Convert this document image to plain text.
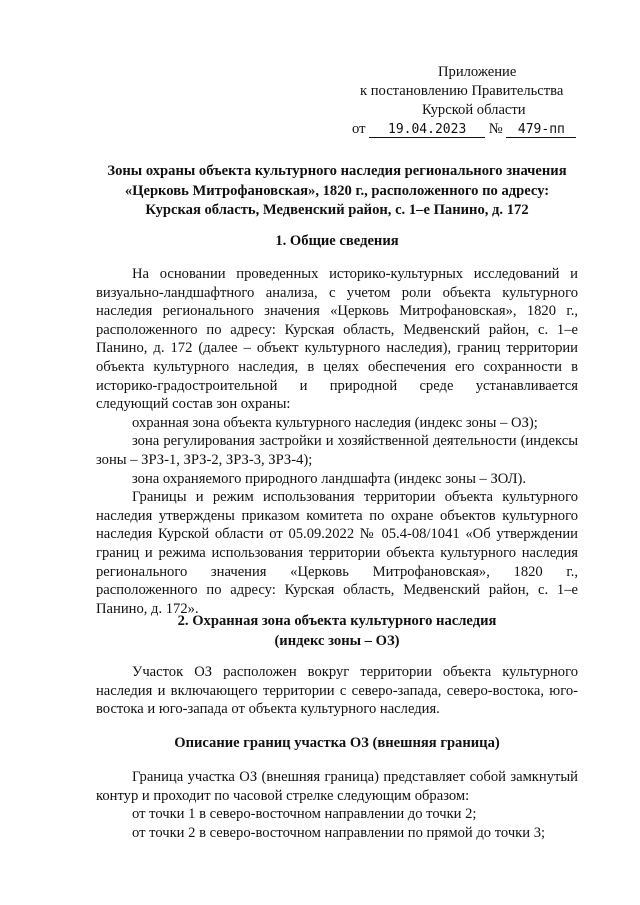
Приложение
к постановлению Правительства
Курской области
от 19.04.2023 № 479-пп
Зоны охраны объекта культурного наследия регионального значения
«Церковь Митрофановская», 1820 г., расположенного по адресу:
Курская область, Медвенский район, с. 1–е Панино, д. 172
1. Общие сведения

На основании проведенных историко-культурных исследований и визуально-ландшафтного анализа, с учетом роли объекта культурного наследия регионального значения «Церковь Митрофановская», 1820 г., расположенного по адресу: Курская область, Медвенский район, с. 1–е Панино, д. 172 (далее – объект культурного наследия), границ территории объекта культурного наследия, в целях обеспечения его сохранности в историко-градостроительной и природной среде устанавливается следующий состав зон охраны:

охранная зона объекта культурного наследия (индекс зоны – ОЗ);

зона регулирования застройки и хозяйственной деятельности (индексы зоны – ЗРЗ-1, ЗРЗ-2, ЗРЗ-3, ЗРЗ-4);

зона охраняемого природного ландшафта (индекс зоны – ЗОЛ).

Границы и режим использования территории объекта культурного наследия утверждены приказом комитета по охране объектов культурного наследия Курской области от 05.09.2022 № 05.4-08/1041 «Об утверждении границ и режима использования территории объекта культурного наследия регионального значения «Церковь Митрофановская», 1820 г., расположенного по адресу: Курская область, Медвенский район, с. 1–е Панино, д. 172».

2. Охранная зона объекта культурного наследия
(индекс зоны – ОЗ)

Участок ОЗ расположен вокруг территории объекта культурного наследия и включающего территории с северо-запада, северо-востока, юго-востока и юго-запада от объекта культурного наследия.

Описание границ участка ОЗ (внешняя граница)

Граница участка ОЗ (внешняя граница) представляет собой замкнутый контур и проходит по часовой стрелке следующим образом:

от точки 1 в северо-восточном направлении до точки 2;

от точки 2 в северо-восточном направлении по прямой до точки 3;
